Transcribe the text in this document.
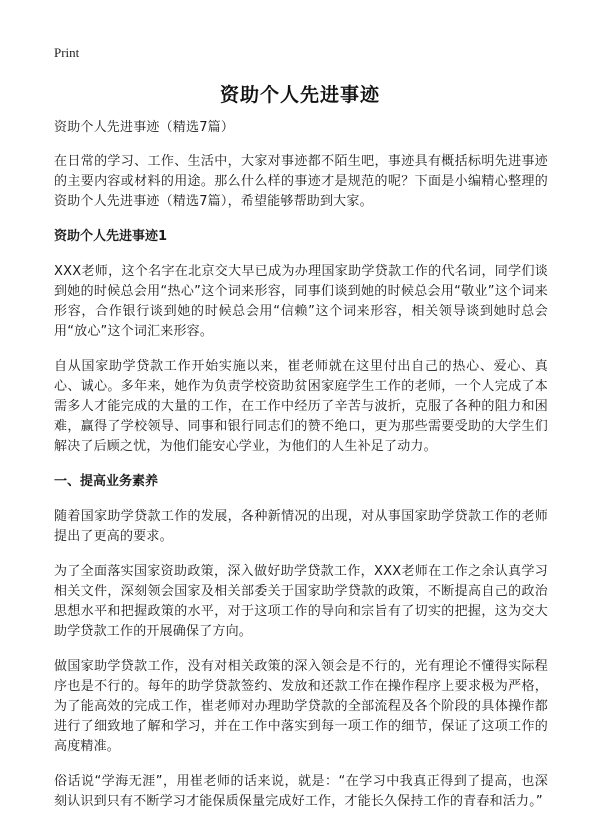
Print
资助个人先进事迹

资助个人先进事迹（精选7篇）

在日常的学习、工作、生活中，大家对事迹都不陌生吧，事迹具有概括标明先进事迹的主要内容或材料的用途。那么什么样的事迹才是规范的呢？下面是小编精心整理的资助个人先进事迹（精选7篇），希望能够帮助到大家。

资助个人先进事迹1

XXX老师，这个名字在北京交大早已成为办理国家助学贷款工作的代名词，同学们谈到她的时候总会用“热心”这个词来形容，同事们谈到她的时候总会用“敬业”这个词来形容，合作银行谈到她的时候总会用“信赖”这个词来形容，相关领导谈到她时总会用“放心”这个词汇来形容。

自从国家助学贷款工作开始实施以来，崔老师就在这里付出自己的热心、爱心、真心、诚心。多年来，她作为负责学校资助贫困家庭学生工作的老师，一个人完成了本需多人才能完成的大量的工作，在工作中经历了辛苦与波折，克服了各种的阻力和困难，赢得了学校领导、同事和银行同志们的赞不绝口，更为那些需要受助的大学生们解决了后顾之忧，为他们能安心学业，为他们的人生补足了动力。

一、提高业务素养

随着国家助学贷款工作的发展，各种新情况的出现，对从事国家助学贷款工作的老师提出了更高的要求。

为了全面落实国家资助政策，深入做好助学贷款工作，XXX老师在工作之余认真学习相关文件，深刻领会国家及相关部委关于国家助学贷款的政策，不断提高自己的政治思想水平和把握政策的水平，对于这项工作的导向和宗旨有了切实的把握，这为交大助学贷款工作的开展确保了方向。

做国家助学贷款工作，没有对相关政策的深入领会是不行的，光有理论不懂得实际程序也是不行的。每年的助学贷款签约、发放和还款工作在操作程序上要求极为严格，为了能高效的完成工作，崔老师对办理助学贷款的全部流程及各个阶段的具体操作都进行了细致地了解和学习，并在工作中落实到每一项工作的细节，保证了这项工作的高度精准。

俗话说“学海无涯”，用崔老师的话来说，就是：“在学习中我真正得到了提高，也深刻认识到只有不断学习才能保质保量完成好工作，才能长久保持工作的青春和活力。”
